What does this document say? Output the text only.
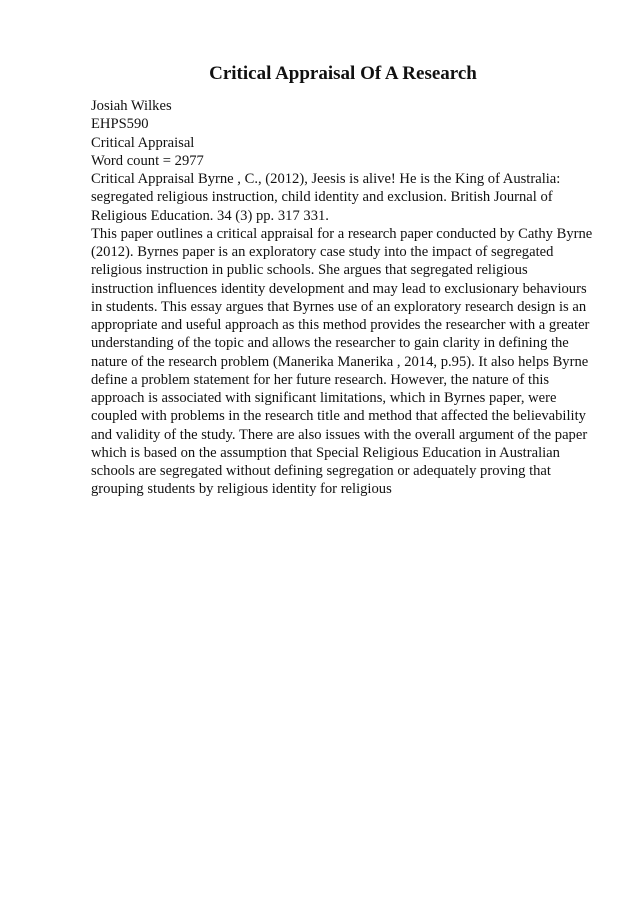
Critical Appraisal Of A Research
Josiah Wilkes
EHPS590
Critical Appraisal
Word count = 2977
Critical Appraisal Byrne , C., (2012), Jeesis is alive! He is the King of Australia:
segregated religious instruction, child identity and exclusion. British Journal of
Religious Education. 34 (3) pp. 317 331.
This paper outlines a critical appraisal for a research paper conducted by Cathy Byrne
(2012). Byrnes paper is an exploratory case study into the impact of segregated
religious instruction in public schools. She argues that segregated religious
instruction influences identity development and may lead to exclusionary behaviours
in students. This essay argues that Byrnes use of an exploratory research design is an
appropriate and useful approach as this method provides the researcher with a greater
understanding of the topic and allows the researcher to gain clarity in defining the
nature of the research problem (Manerika Manerika , 2014, p.95). It also helps Byrne
define a problem statement for her future research. However, the nature of this
approach is associated with significant limitations, which in Byrnes paper, were
coupled with problems in the research title and method that affected the believability
and validity of the study. There are also issues with the overall argument of the paper
which is based on the assumption that Special Religious Education in Australian
schools are segregated without defining segregation or adequately proving that
grouping students by religious identity for religious
